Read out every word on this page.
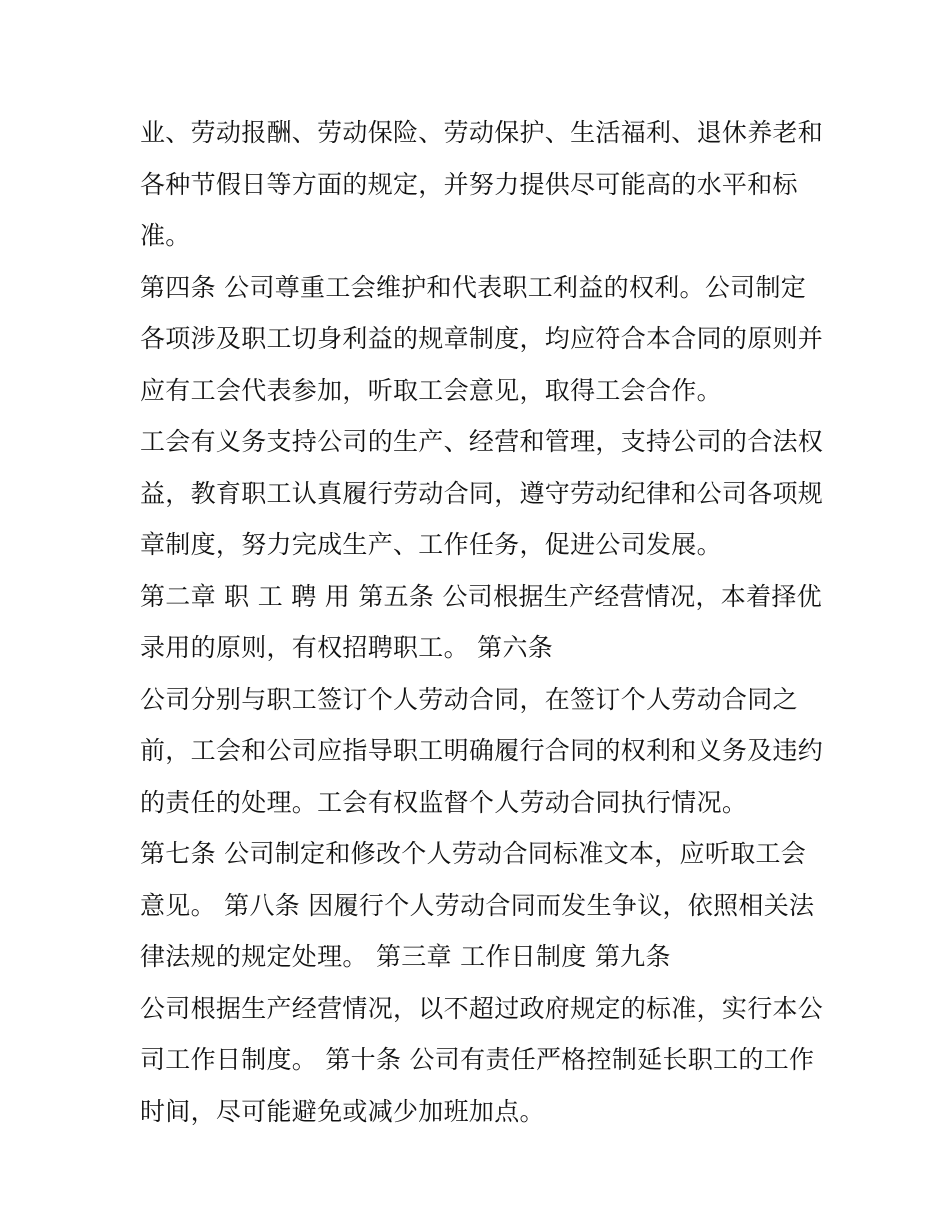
业、劳动报酬、劳动保险、劳动保护、生活福利、退休养老和
各种节假日等方面的规定，并努力提供尽可能高的水平和标
准。
第四条 公司尊重工会维护和代表职工利益的权利。公司制定
各项涉及职工切身利益的规章制度，均应符合本合同的原则并
应有工会代表参加，听取工会意见，取得工会合作。
工会有义务支持公司的生产、经营和管理，支持公司的合法权
益，教育职工认真履行劳动合同，遵守劳动纪律和公司各项规
章制度，努力完成生产、工作任务，促进公司发展。
第二章 职 工 聘 用 第五条 公司根据生产经营情况，本着择优
录用的原则，有权招聘职工。 第六条
公司分别与职工签订个人劳动合同，在签订个人劳动合同之
前，工会和公司应指导职工明确履行合同的权利和义务及违约
的责任的处理。工会有权监督个人劳动合同执行情况。
第七条 公司制定和修改个人劳动合同标准文本，应听取工会
意见。 第八条 因履行个人劳动合同而发生争议，依照相关法
律法规的规定处理。 第三章 工作日制度 第九条
公司根据生产经营情况，以不超过政府规定的标准，实行本公
司工作日制度。 第十条 公司有责任严格控制延长职工的工作
时间，尽可能避免或减少加班加点。
